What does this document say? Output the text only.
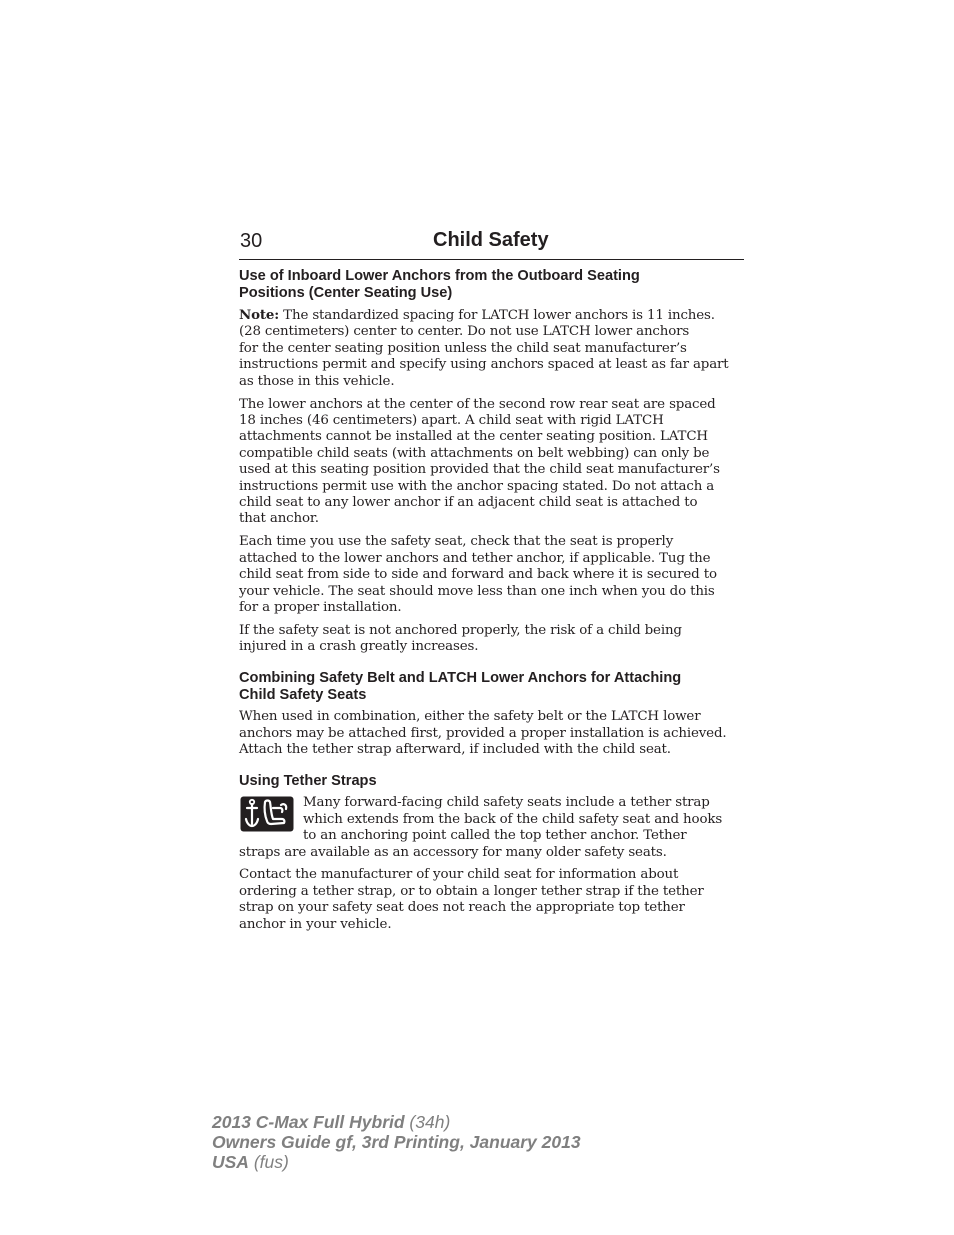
30	Child Safety
Use of Inboard Lower Anchors from the Outboard Seating
Positions (Center Seating Use)

Note: The standardized spacing for LATCH lower anchors is 11 inches.
(28 centimeters) center to center. Do not use LATCH lower anchors
for the center seating position unless the child seat manufacturer’s
instructions permit and specify using anchors spaced at least as far apart
as those in this vehicle.

The lower anchors at the center of the second row rear seat are spaced
18 inches (46 centimeters) apart. A child seat with rigid LATCH
attachments cannot be installed at the center seating position. LATCH
compatible child seats (with attachments on belt webbing) can only be
used at this seating position provided that the child seat manufacturer’s
instructions permit use with the anchor spacing stated. Do not attach a
child seat to any lower anchor if an adjacent child seat is attached to
that anchor.

Each time you use the safety seat, check that the seat is properly
attached to the lower anchors and tether anchor, if applicable. Tug the
child seat from side to side and forward and back where it is secured to
your vehicle. The seat should move less than one inch when you do this
for a proper installation.

If the safety seat is not anchored properly, the risk of a child being
injured in a crash greatly increases.

Combining Safety Belt and LATCH Lower Anchors for Attaching
Child Safety Seats

When used in combination, either the safety belt or the LATCH lower
anchors may be attached first, provided a proper installation is achieved.
Attach the tether strap afterward, if included with the child seat.

Using Tether Straps

Many forward-facing child safety seats include a tether strap
which extends from the back of the child safety seat and hooks
to an anchoring point called the top tether anchor. Tether

straps are available as an accessory for many older safety seats.

Contact the manufacturer of your child seat for information about
ordering a tether strap, or to obtain a longer tether strap if the tether
strap on your safety seat does not reach the appropriate top tether
anchor in your vehicle.

2013 C-Max Full Hybrid (34h)
Owners Guide gf, 3rd Printing, January 2013
USA (fus)
